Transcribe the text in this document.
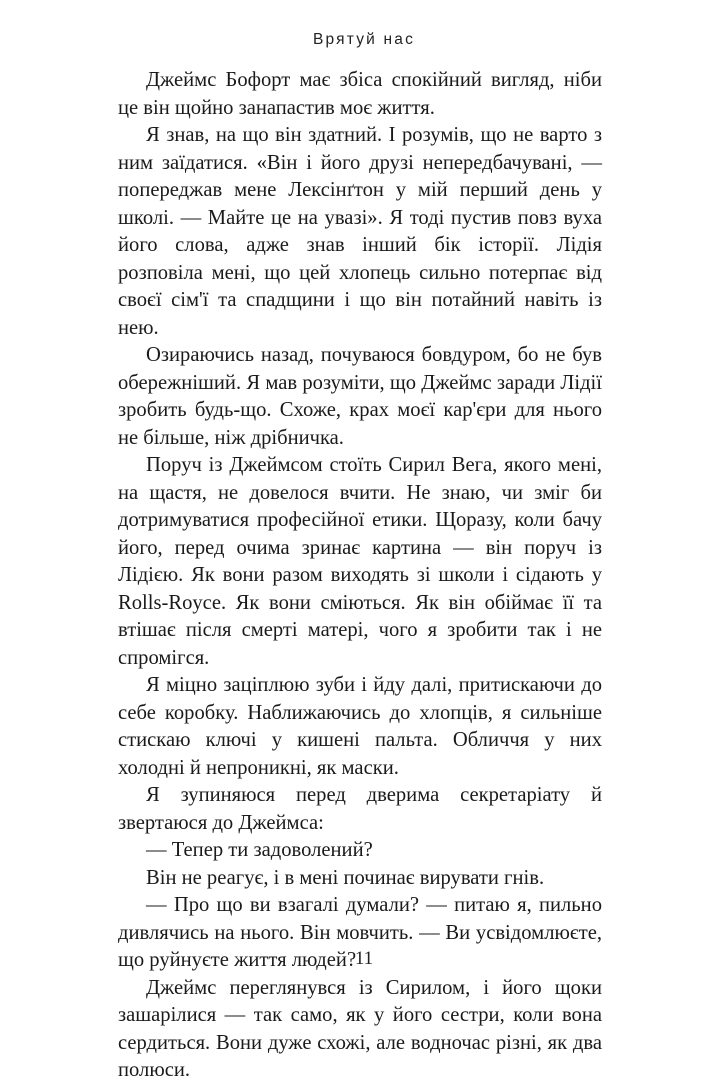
Врятуй нас

Джеймс Бофорт має збіса спокійний вигляд, ніби це він щойно занапастив моє життя.

Я знав, на що він здатний. І розумів, що не варто з ним заїдатися. «Він і його друзі непередбачувані, — попереджав мене Лексінґтон у мій перший день у школі. — Майте це на увазі». Я тоді пустив повз вуха його слова, адже знав інший бік історії. Лідія розповіла мені, що цей хлопець сильно потерпає від своєї сім'ї та спадщини і що він потайний навіть із нею.

Озираючись назад, почуваюся бовдуром, бо не був обережніший. Я мав розуміти, що Джеймс заради Лідії зробить будь-що. Схоже, крах моєї кар'єри для нього не більше, ніж дрібничка.

Поруч із Джеймсом стоїть Сирил Вега, якого мені, на щастя, не довелося вчити. Не знаю, чи зміг би дотримуватися професійної етики. Щоразу, коли бачу його, перед очима зринає картина — він поруч із Лідією. Як вони разом виходять зі школи і сідають у Rolls-Royce. Як вони сміються. Як він обіймає її та втішає після смерті матері, чого я зробити так і не спромігся.

Я міцно заціплюю зуби і йду далі, притискаючи до себе коробку. Наближаючись до хлопців, я сильніше стискаю ключі у кишені пальта. Обличчя у них холодні й непроникні, як маски.

Я зупиняюся перед дверима секретаріату й звертаюся до Джеймса:

— Тепер ти задоволений?

Він не реагує, і в мені починає вирувати гнів.

— Про що ви взагалі думали? — питаю я, пильно дивлячись на нього. Він мовчить. — Ви усвідомлюєте, що руйнуєте життя людей?

Джеймс переглянувся із Сирилом, і його щоки зашарілися — так само, як у його сестри, коли вона сердиться. Вони дуже схожі, але водночас різні, як два полюси.

11
